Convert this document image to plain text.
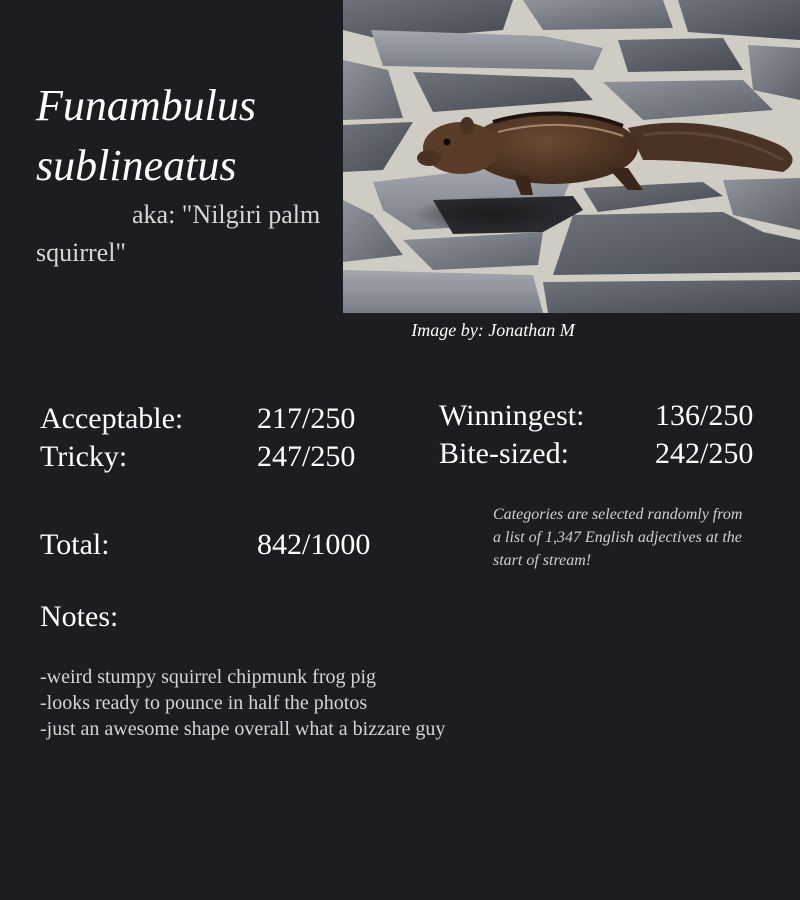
Funambulus sublineatus
aka: "Nilgiri palm squirrel"
Image by: Jonathan M
Acceptable: 217/250
Tricky:	247/250
Winningest: 136/250
Bite-sized:	242/250
Total:	842/1000
Categories are selected randomly from a list of 1,347 English adjectives at the start of stream!
Notes:
-weird stumpy squirrel chipmunk frog pig
-looks ready to pounce in half the photos
-just an awesome shape overall what a bizzare guy
